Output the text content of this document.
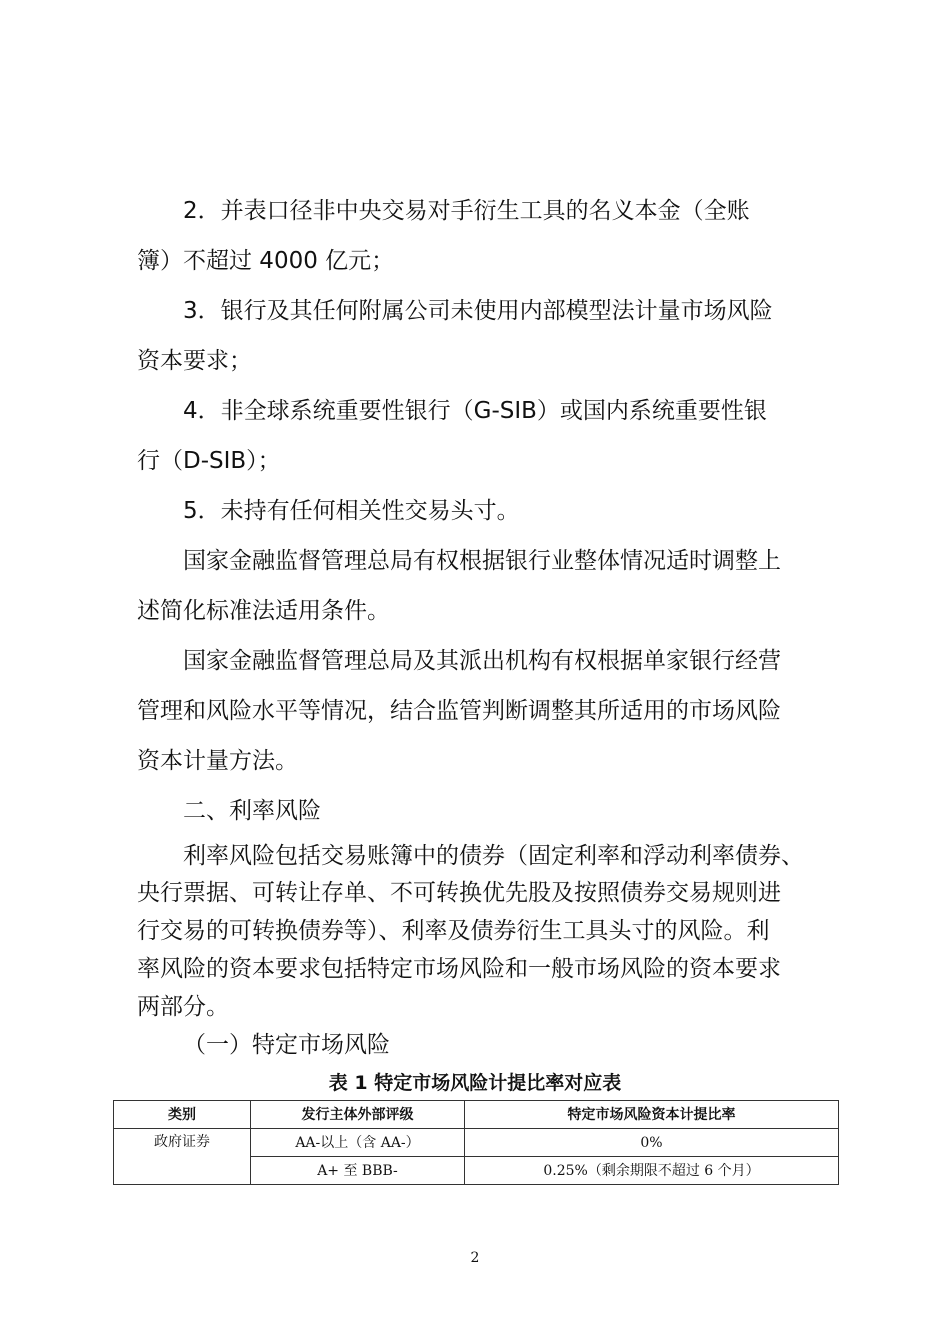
2．并表口径非中央交易对手衍生工具的名义本金（全账
簿）不超过 4000 亿元；
3．银行及其任何附属公司未使用内部模型法计量市场风险
资本要求；
4．非全球系统重要性银行（G-SIB）或国内系统重要性银
行（D-SIB）；
5．未持有任何相关性交易头寸。
国家金融监督管理总局有权根据银行业整体情况适时调整上
述简化标准法适用条件。
国家金融监督管理总局及其派出机构有权根据单家银行经营
管理和风险水平等情况，结合监管判断调整其所适用的市场风险
资本计量方法。
二、利率风险
利率风险包括交易账簿中的债券（固定利率和浮动利率债券、
央行票据、可转让存单、不可转换优先股及按照债券交易规则进
行交易的可转换债券等）、利率及债券衍生工具头寸的风险。利
率风险的资本要求包括特定市场风险和一般市场风险的资本要求
两部分。
（一）特定市场风险
表 1 特定市场风险计提比率对应表
类别	发行主体外部评级	特定市场风险资本计提比率
政府证券	AA-以上（含 AA-）	0%
	A+ 至 BBB-	0.25%（剩余期限不超过 6 个月）
2
